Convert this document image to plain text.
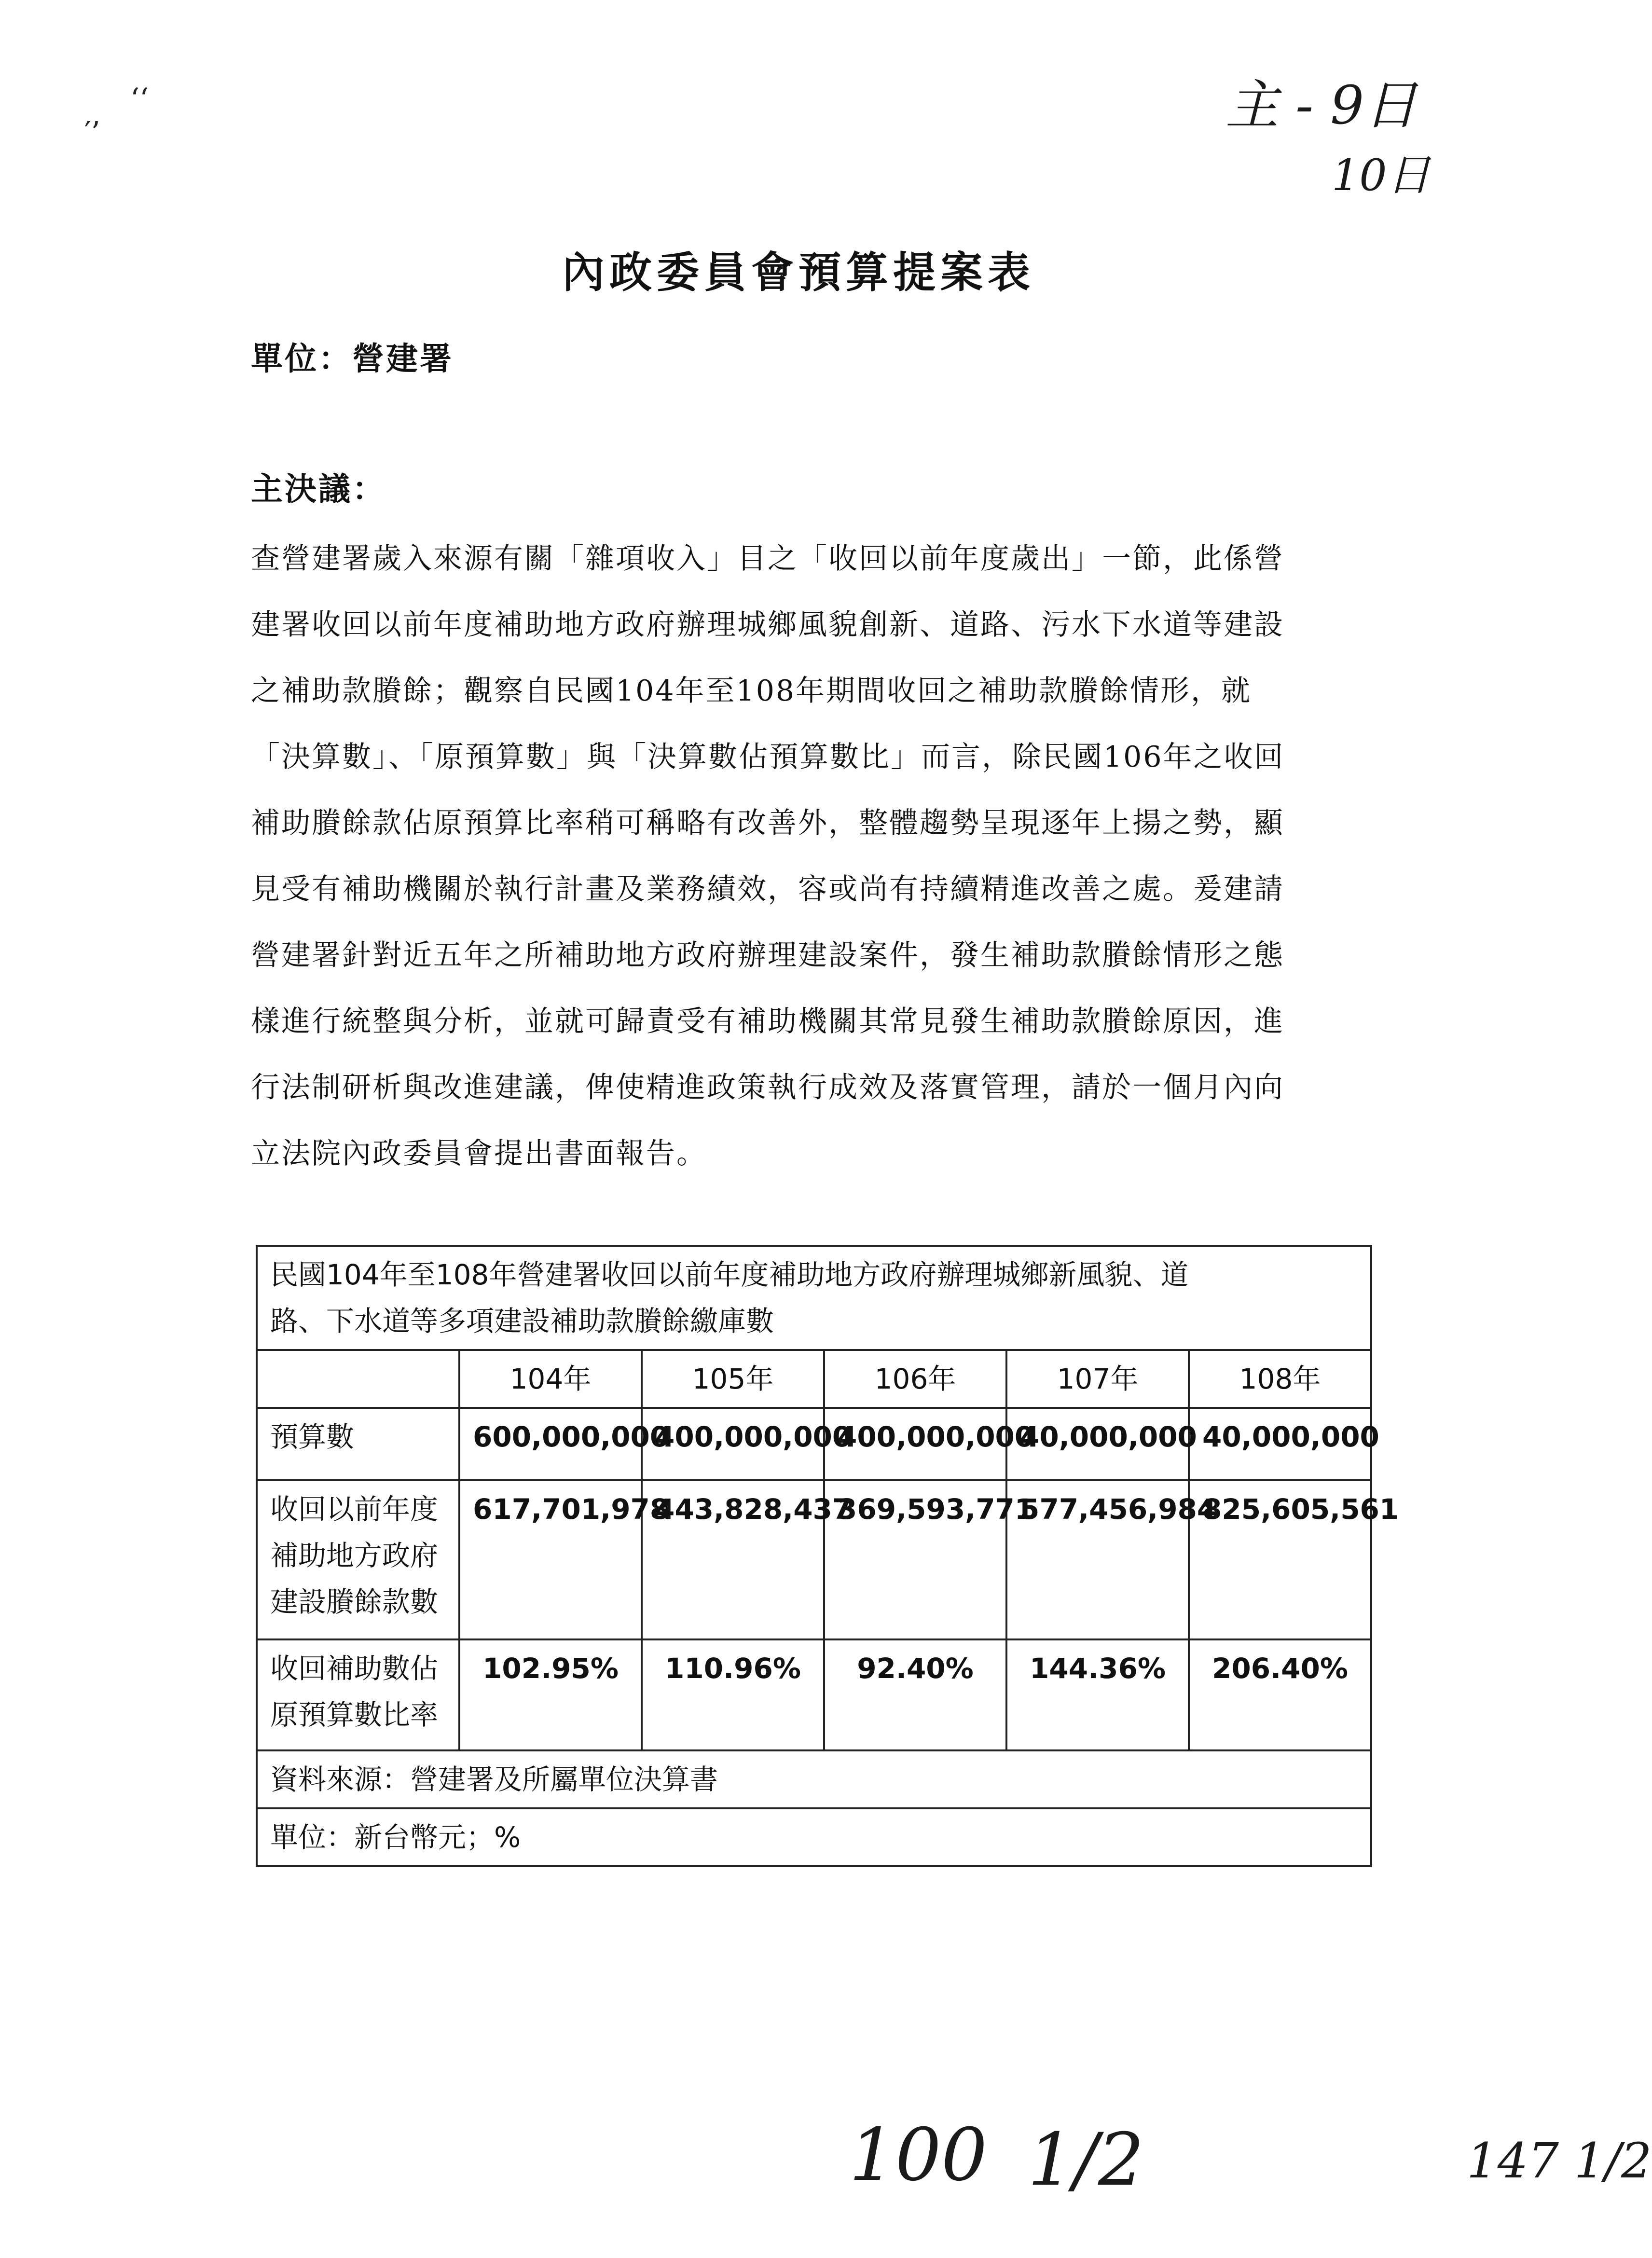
主 - 9日
10日
′’
‘‘
內政委員會預算提案表
單位：營建署
主決議：
查營建署歲入來源有關「雜項收入」目之「收回以前年度歲出」一節，此係營
建署收回以前年度補助地方政府辦理城鄉風貌創新、道路、污水下水道等建設
之補助款賸餘；觀察自民國104年至108年期間收回之補助款賸餘情形，就
「決算數」、「原預算數」與「決算數佔預算數比」而言，除民國106年之收回
補助賸餘款佔原預算比率稍可稱略有改善外，整體趨勢呈現逐年上揚之勢，顯
見受有補助機關於執行計畫及業務績效，容或尚有持續精進改善之處。爰建請
營建署針對近五年之所補助地方政府辦理建設案件，發生補助款賸餘情形之態
樣進行統整與分析，並就可歸責受有補助機關其常見發生補助款賸餘原因，進
行法制研析與改進建議，俾使精進政策執行成效及落實管理，請於一個月內向
立法院內政委員會提出書面報告。
民國104年至108年營建署收回以前年度補助地方政府辦理城鄉新風貌、道
路、下水道等多項建設補助款賸餘繳庫數					

	104年	105年	106年	107年	108年

預算數	600,000,000	400,000,000	400,000,000	40,000,000	40,000,000

收回以前年度
補助地方政府
建設賸餘款數	617,701,978	443,828,437	369,593,771	577,456,984	825,605,561

收回補助數佔
原預算數比率	102.95%	110.96%	92.40%	144.36%	206.40%
資料來源：營建署及所屬單位決算書					
單位：新台幣元；%					
100 1/2	147 1/2
